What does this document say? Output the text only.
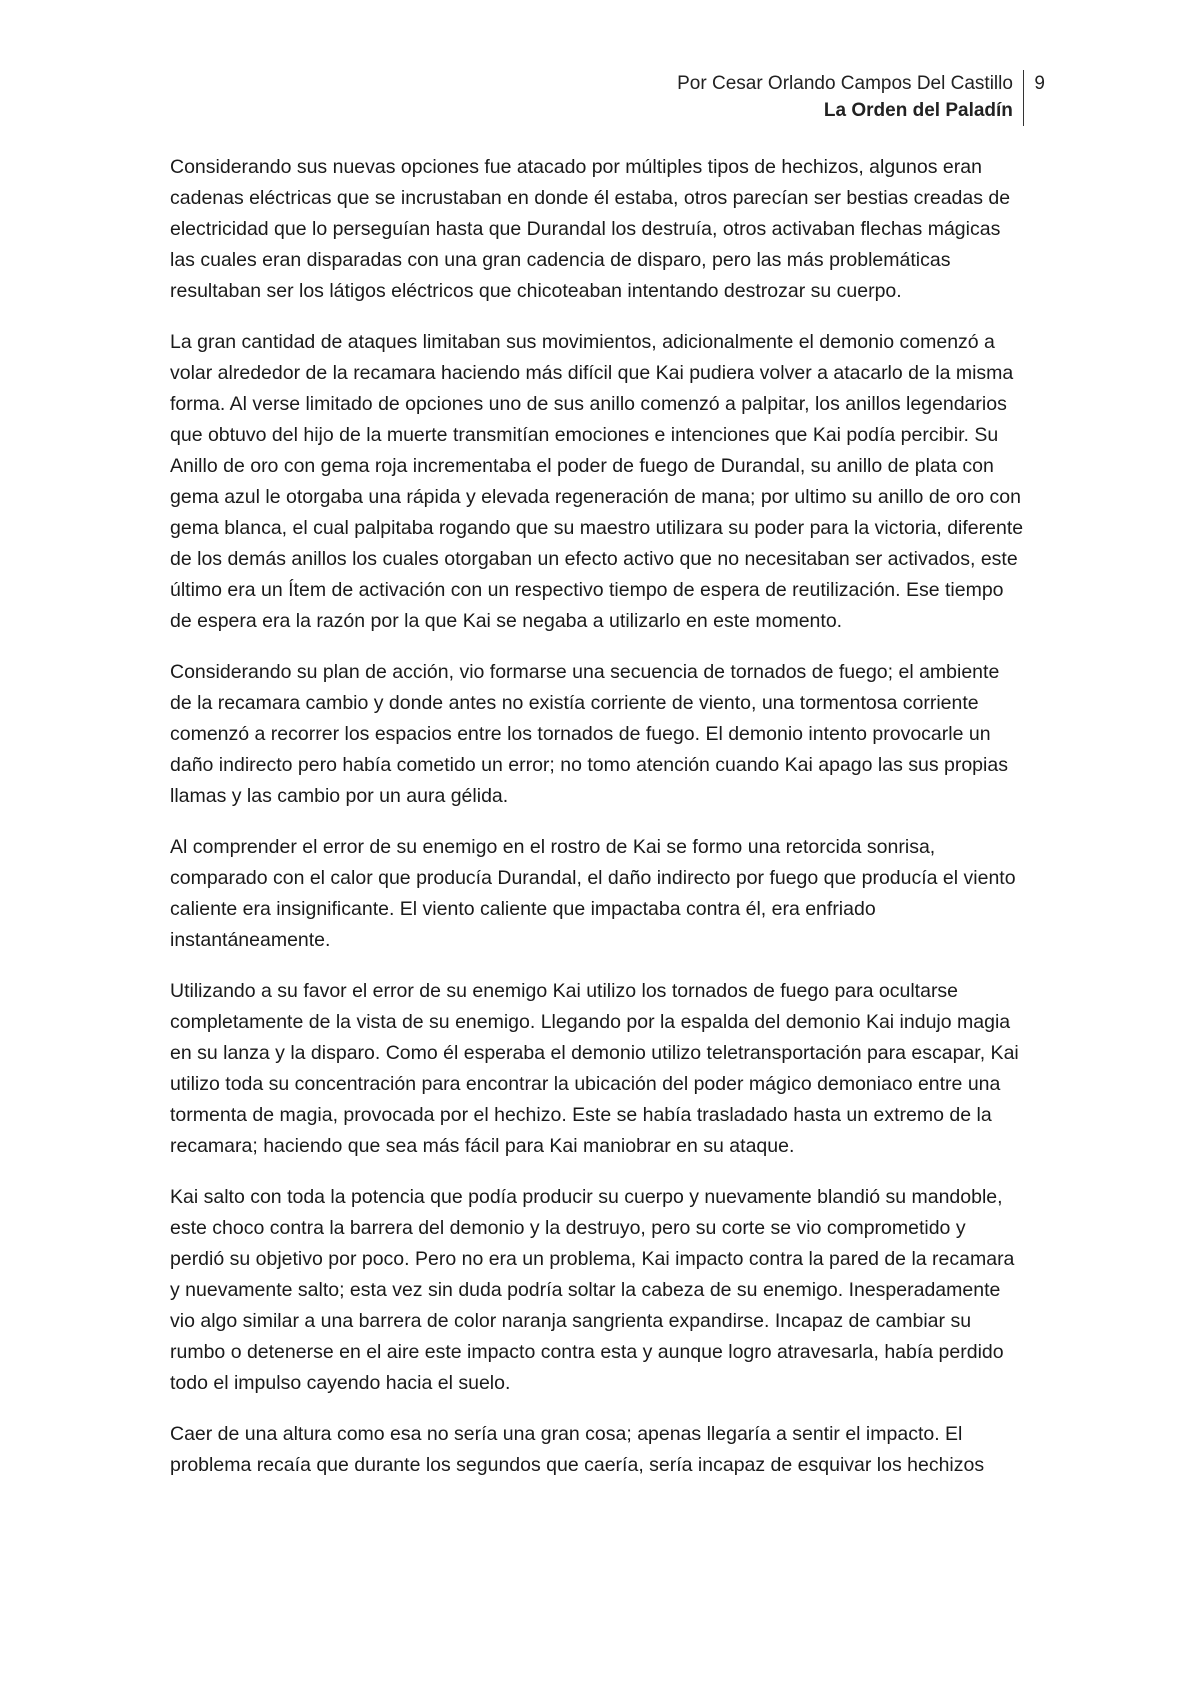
Por Cesar Orlando Campos Del Castillo
La Orden del Paladín
9

Considerando sus nuevas opciones fue atacado por múltiples tipos de hechizos, algunos eran cadenas eléctricas que se incrustaban en donde él estaba, otros parecían ser bestias creadas de electricidad que lo perseguían hasta que Durandal los destruía, otros activaban flechas mágicas las cuales eran disparadas con una gran cadencia de disparo, pero las más problemáticas resultaban ser los látigos eléctricos que chicoteaban intentando destrozar su cuerpo.

La gran cantidad de ataques limitaban sus movimientos, adicionalmente el demonio comenzó a volar alrededor de la recamara haciendo más difícil que Kai pudiera volver a atacarlo de la misma forma. Al verse limitado de opciones uno de sus anillo comenzó a palpitar, los anillos legendarios que obtuvo del hijo de la muerte transmitían emociones e intenciones que Kai podía percibir. Su Anillo de oro con gema roja incrementaba el poder de fuego de Durandal, su anillo de plata con gema azul le otorgaba una rápida y elevada regeneración de mana; por ultimo su anillo de oro con gema blanca, el cual palpitaba rogando que su maestro utilizara su poder para la victoria, diferente de los demás anillos los cuales otorgaban un efecto activo que no necesitaban ser activados, este último era un Ítem de activación con un respectivo tiempo de espera de reutilización. Ese tiempo de espera era la razón por la que Kai se negaba a utilizarlo en este momento.

Considerando su plan de acción, vio formarse una secuencia de tornados de fuego; el ambiente de la recamara cambio y donde antes no existía corriente de viento, una tormentosa corriente comenzó a recorrer los espacios entre los tornados de fuego. El demonio intento provocarle un daño indirecto pero había cometido un error; no tomo atención cuando Kai apago las sus propias llamas y las cambio por un aura gélida.

Al comprender el error de su enemigo en el rostro de Kai se formo una retorcida sonrisa, comparado con el calor que producía Durandal, el daño indirecto por fuego que producía el viento caliente era insignificante. El viento caliente que impactaba contra él, era enfriado instantáneamente.

Utilizando a su favor el error de su enemigo Kai utilizo los tornados de fuego para ocultarse completamente de la vista de su enemigo. Llegando por la espalda del demonio Kai indujo magia en su lanza y la disparo. Como él esperaba el demonio utilizo teletransportación para escapar, Kai utilizo toda su concentración para encontrar la ubicación del poder mágico demoniaco entre una tormenta de magia, provocada por el hechizo. Este se había trasladado hasta un extremo de la recamara; haciendo que sea más fácil para Kai maniobrar en su ataque.

Kai salto con toda la potencia que podía producir su cuerpo y nuevamente blandió su mandoble, este choco contra la barrera del demonio y la destruyo, pero su corte se vio comprometido y perdió su objetivo por poco. Pero no era un problema, Kai impacto contra la pared de la recamara y nuevamente salto; esta vez sin duda podría soltar la cabeza de su enemigo. Inesperadamente vio algo similar a una barrera de color naranja sangrienta expandirse. Incapaz de cambiar su rumbo o detenerse en el aire este impacto contra esta y aunque logro atravesarla, había perdido todo el impulso cayendo hacia el suelo.

Caer de una altura como esa no sería una gran cosa; apenas llegaría a sentir el impacto. El problema recaía que durante los segundos que caería, sería incapaz de esquivar los hechizos
